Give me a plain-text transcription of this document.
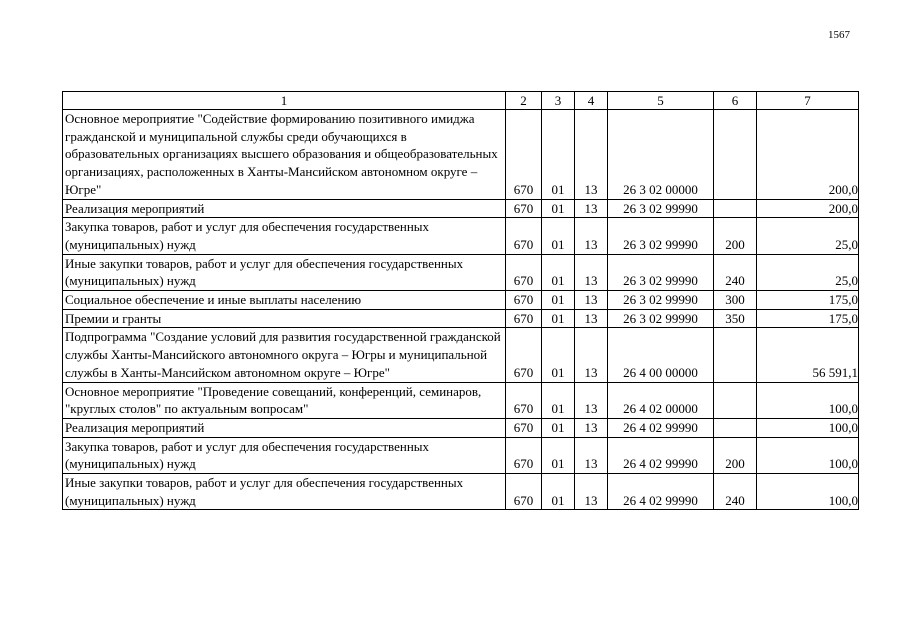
1567
1	2	3	4	5	6	7
Основное мероприятие "Содействие формированию позитивного имиджа гражданской и муниципальной службы среди обучающихся в образовательных организациях высшего образования и общеобразовательных организациях, расположенных в Ханты-Мансийском автономном округе – Югре"	670	01	13	26 3 02 00000		200,0
Реализация мероприятий	670	01	13	26 3 02 99990		200,0
Закупка товаров, работ и услуг для обеспечения государственных (муниципальных) нужд	670	01	13	26 3 02 99990	200	25,0
Иные закупки товаров, работ и услуг для обеспечения государственных (муниципальных) нужд	670	01	13	26 3 02 99990	240	25,0
Социальное обеспечение и иные выплаты населению	670	01	13	26 3 02 99990	300	175,0
Премии и гранты	670	01	13	26 3 02 99990	350	175,0
Подпрограмма "Создание условий для развития государственной гражданской службы Ханты-Мансийского автономного округа – Югры и муниципальной службы в Ханты-Мансийском автономном округе – Югре"	670	01	13	26 4 00 00000		56 591,1
Основное мероприятие "Проведение совещаний, конференций, семинаров, "круглых столов" по актуальным вопросам"	670	01	13	26 4 02 00000		100,0
Реализация мероприятий	670	01	13	26 4 02 99990		100,0
Закупка товаров, работ и услуг для обеспечения государственных (муниципальных) нужд	670	01	13	26 4 02 99990	200	100,0
Иные закупки товаров, работ и услуг для обеспечения государственных (муниципальных) нужд	670	01	13	26 4 02 99990	240	100,0
